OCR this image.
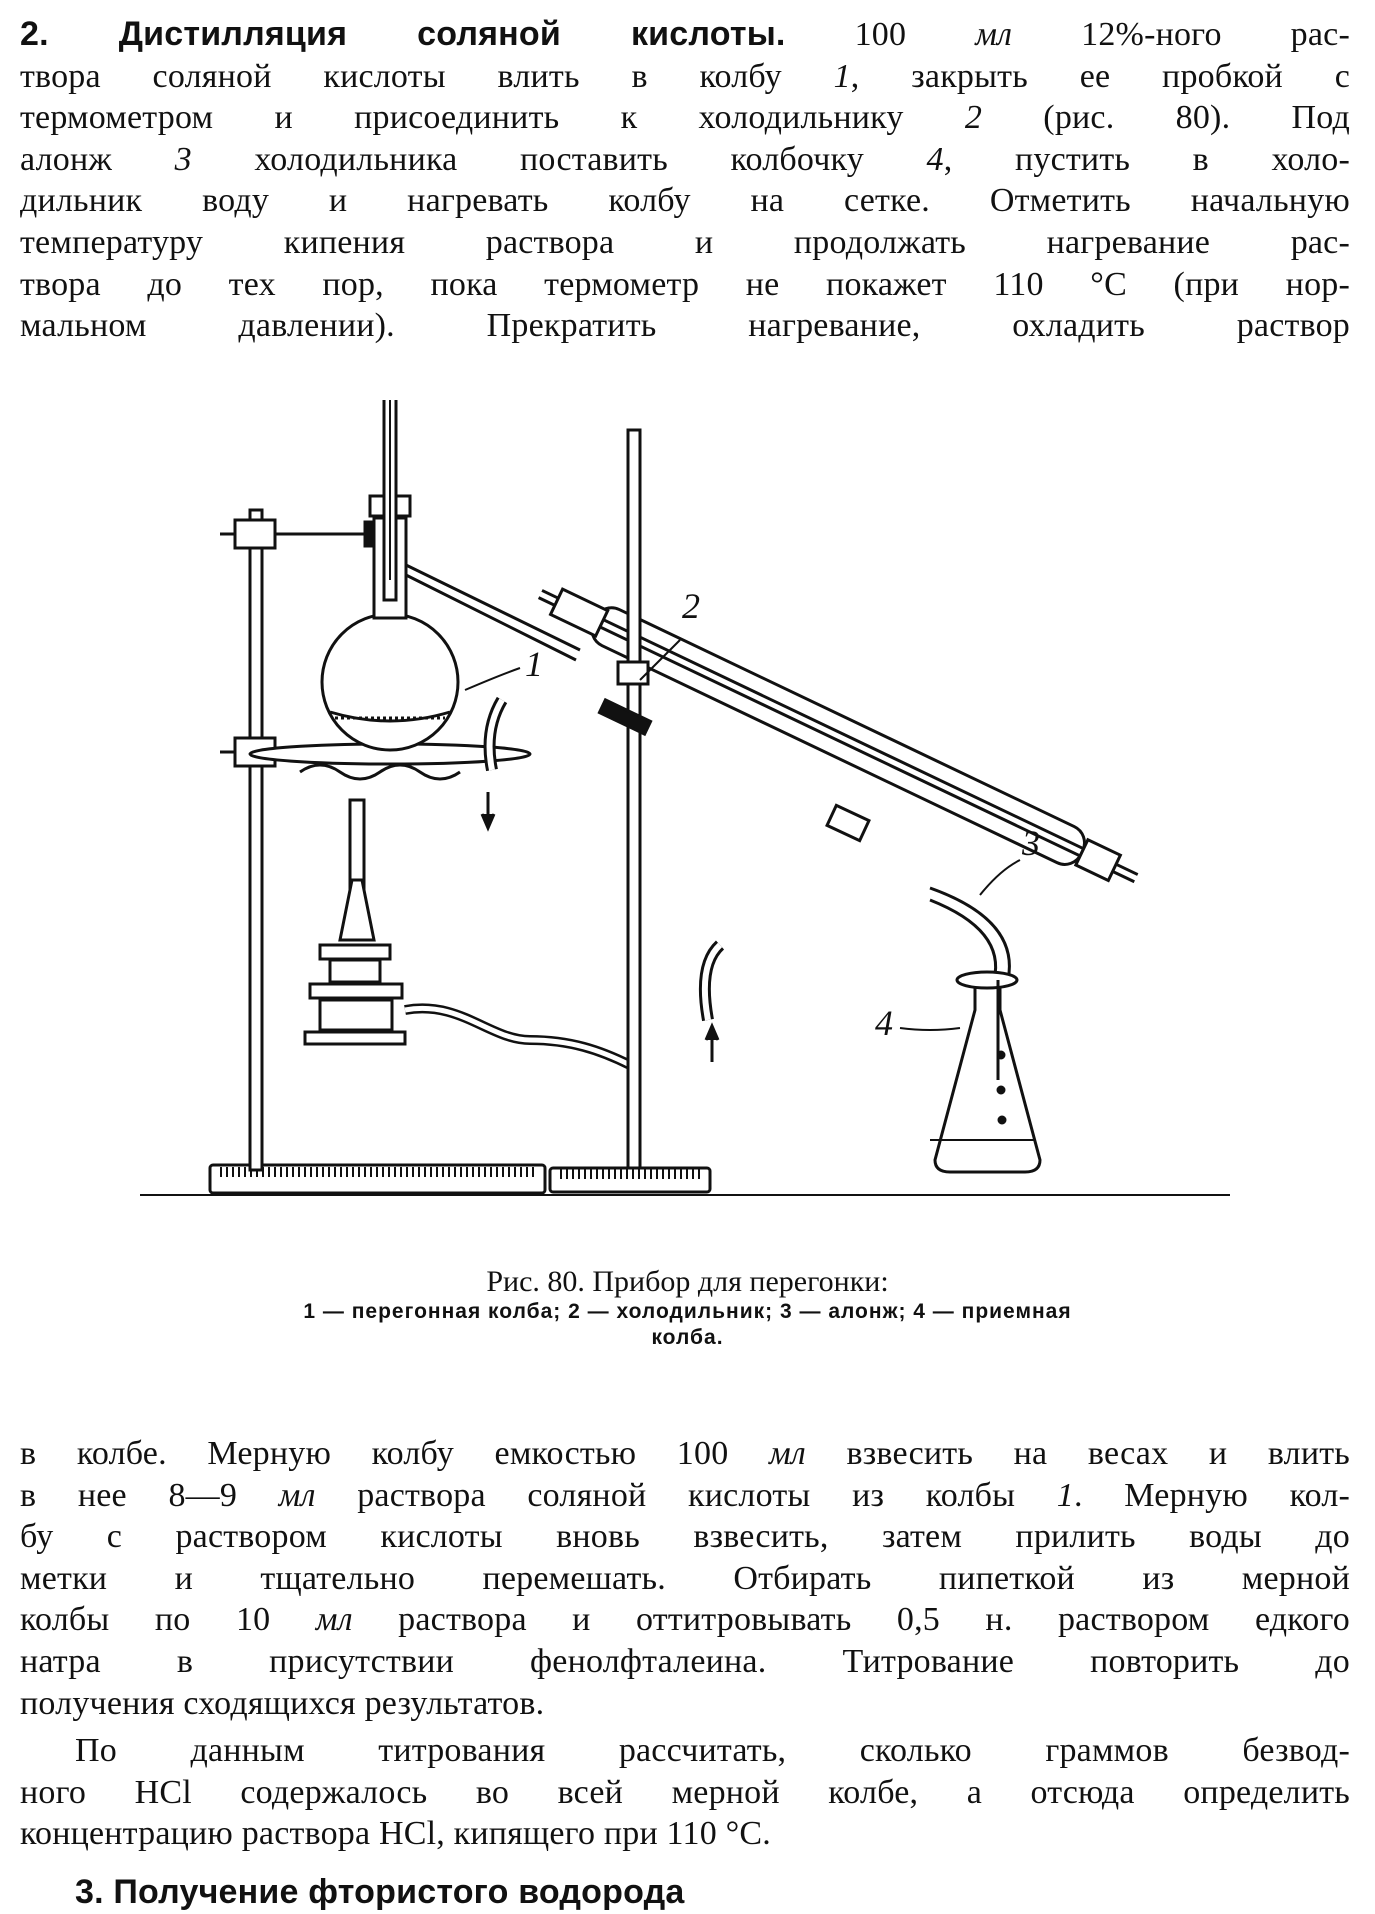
2. Дистилляция соляной кислоты. 100 мл 12%-ного рас-
твора соляной кислоты влить в колбу 1, закрыть ее пробкой с
термометром и присоединить к холодильнику 2 (рис. 80). Под
алонж 3 холодильника поставить колбочку 4, пустить в холо-
дильник воду и нагревать колбу на сетке. Отметить начальную
температуру кипения раствора и продолжать нагревание рас-
твора до тех пор, пока термометр не покажет 110 °С (при нор-
мальном давлении). Прекратить нагревание, охладить раствор
1
2
3
4
Рис. 80. Прибор для перегонки:
1 — перегонная колба; 2 — холодильник; 3 — алонж; 4 — приемная
колба.
в колбе. Мерную колбу емкостью 100 мл взвесить на весах и влить
в нее 8—9 мл раствора соляной кислоты из колбы 1. Мерную кол-
бу с раствором кислоты вновь взвесить, затем прилить воды до
метки и тщательно перемешать. Отбирать пипеткой из мерной
колбы по 10 мл раствора и оттитровывать 0,5 н. раствором едкого
натра в присутствии фенолфталеина. Титрование повторить до
получения сходящихся результатов.
По данным титрования рассчитать, сколько граммов безвод-
ного HCl содержалось во всей мерной колбе, а отсюда определить
концентрацию раствора HCl, кипящего при 110 °С.
3. Получение фтористого водорода
